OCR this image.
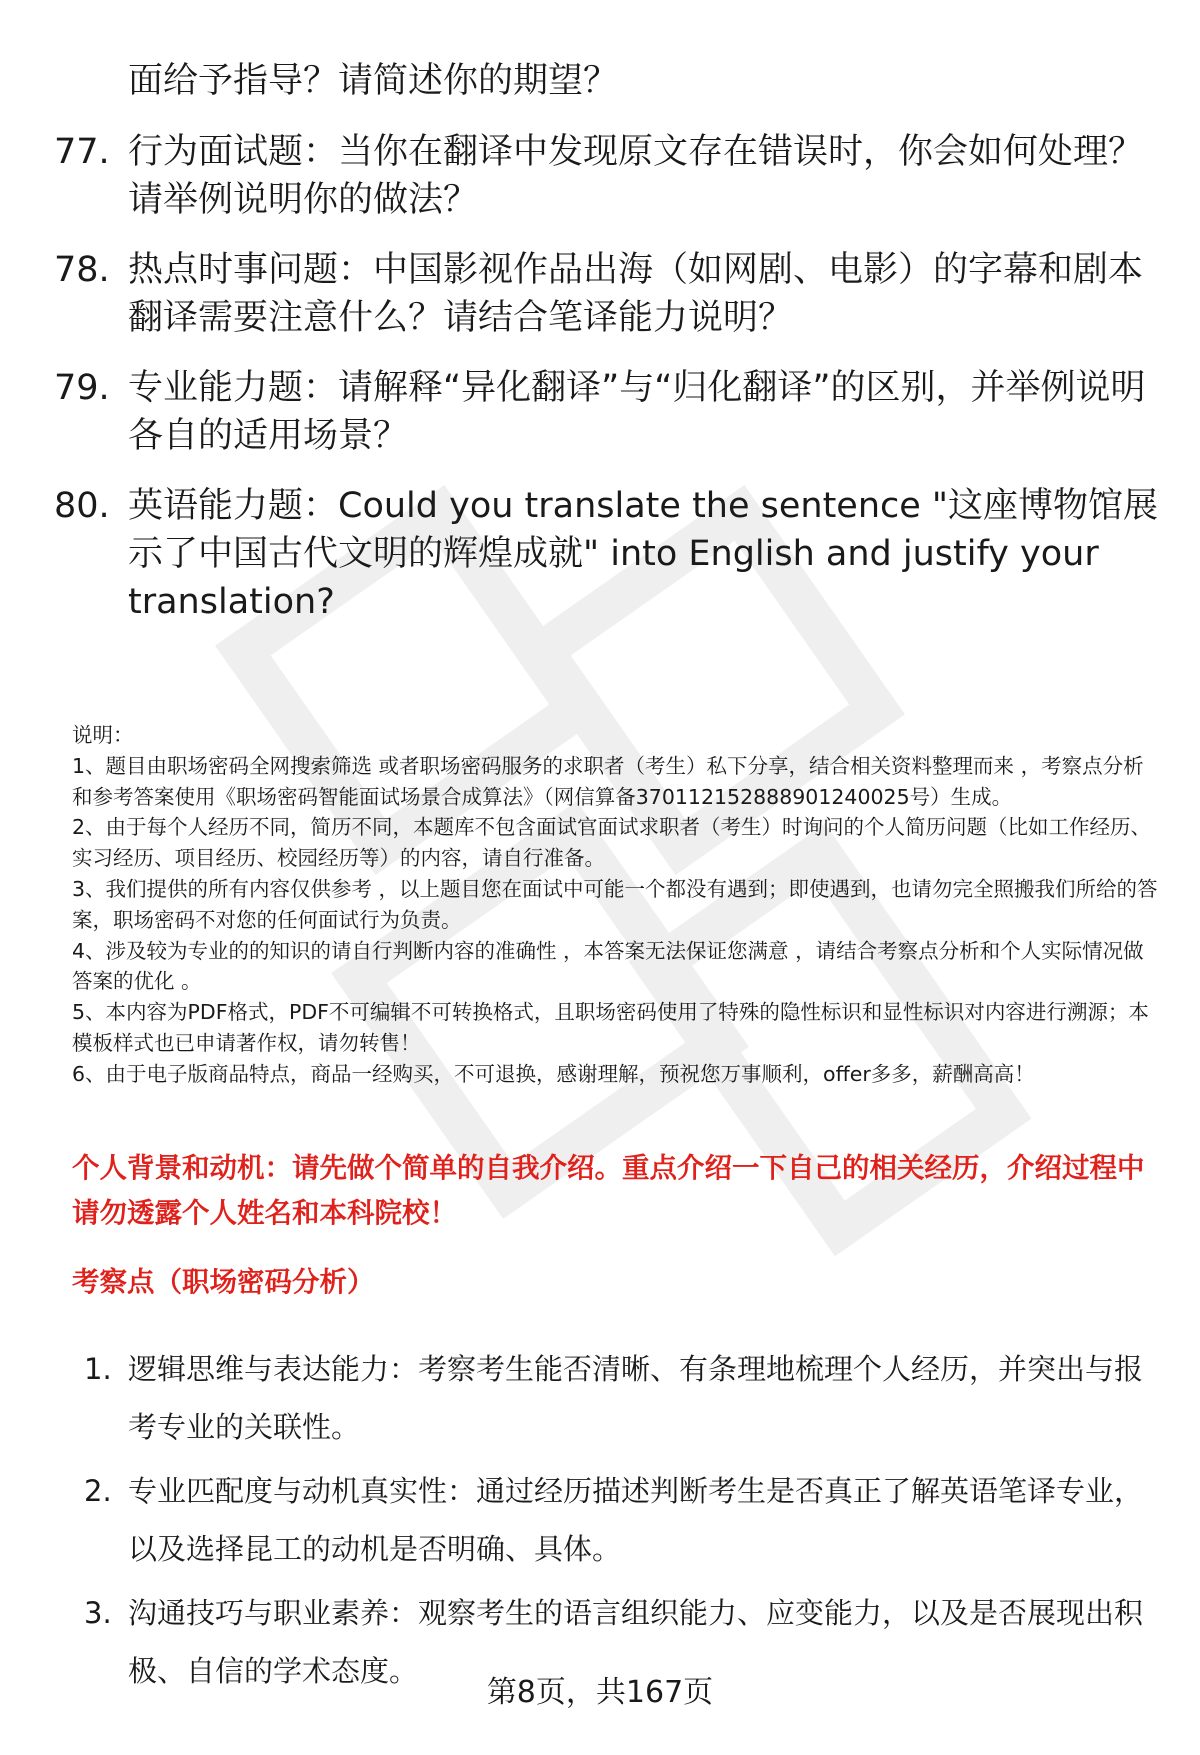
面给予指导？请简述你的期望？
77. 行为面试题：当你在翻译中发现原文存在错误时，你会如何处理？请举例说明你的做法？
78. 热点时事问题：中国影视作品出海（如网剧、电影）的字幕和剧本翻译需要注意什么？请结合笔译能力说明？
79. 专业能力题：请解释“异化翻译”与“归化翻译”的区别，并举例说明各自的适用场景？
80. 英语能力题：Could you translate the sentence "这座博物馆展示了中国古代文明的辉煌成就" into English and justify your translation?

说明：

1、题目由职场密码全网搜索筛选 或者职场密码服务的求职者（考生）私下分享，结合相关资料整理而来 ，考察点分析和参考答案使用《职场密码智能面试场景合成算法》（网信算备370112152888901240025号）生成。

2、由于每个人经历不同，简历不同，本题库不包含面试官面试求职者（考生）时询问的个人简历问题（比如工作经历、实习经历、项目经历、校园经历等）的内容，请自行准备。

3、我们提供的所有内容仅供参考 ，以上题目您在面试中可能一个都没有遇到；即使遇到，也请勿完全照搬我们所给的答案，职场密码不对您的任何面试行为负责。

4、涉及较为专业的的知识的请自行判断内容的准确性 ，本答案无法保证您满意 ，请结合考察点分析和个人实际情况做答案的优化 。

5、本内容为PDF格式，PDF不可编辑不可转换格式，且职场密码使用了特殊的隐性标识和显性标识对内容进行溯源；本模板样式也已申请著作权，请勿转售！

6、由于电子版商品特点，商品一经购买，不可退换，感谢理解，预祝您万事顺利，offer多多，薪酬高高！

个人背景和动机：请先做个简单的自我介绍。重点介绍一下自己的相关经历，介绍过程中请勿透露个人姓名和本科院校！
考察点（职场密码分析）
1. 逻辑思维与表达能力：考察考生能否清晰、有条理地梳理个人经历，并突出与报考专业的关联性。
2. 专业匹配度与动机真实性：通过经历描述判断考生是否真正了解英语笔译专业，以及选择昆工的动机是否明确、具体。
3. 沟通技巧与职业素养：观察考生的语言组织能力、应变能力，以及是否展现出积极、自信的学术态度。
第8页，共167页
